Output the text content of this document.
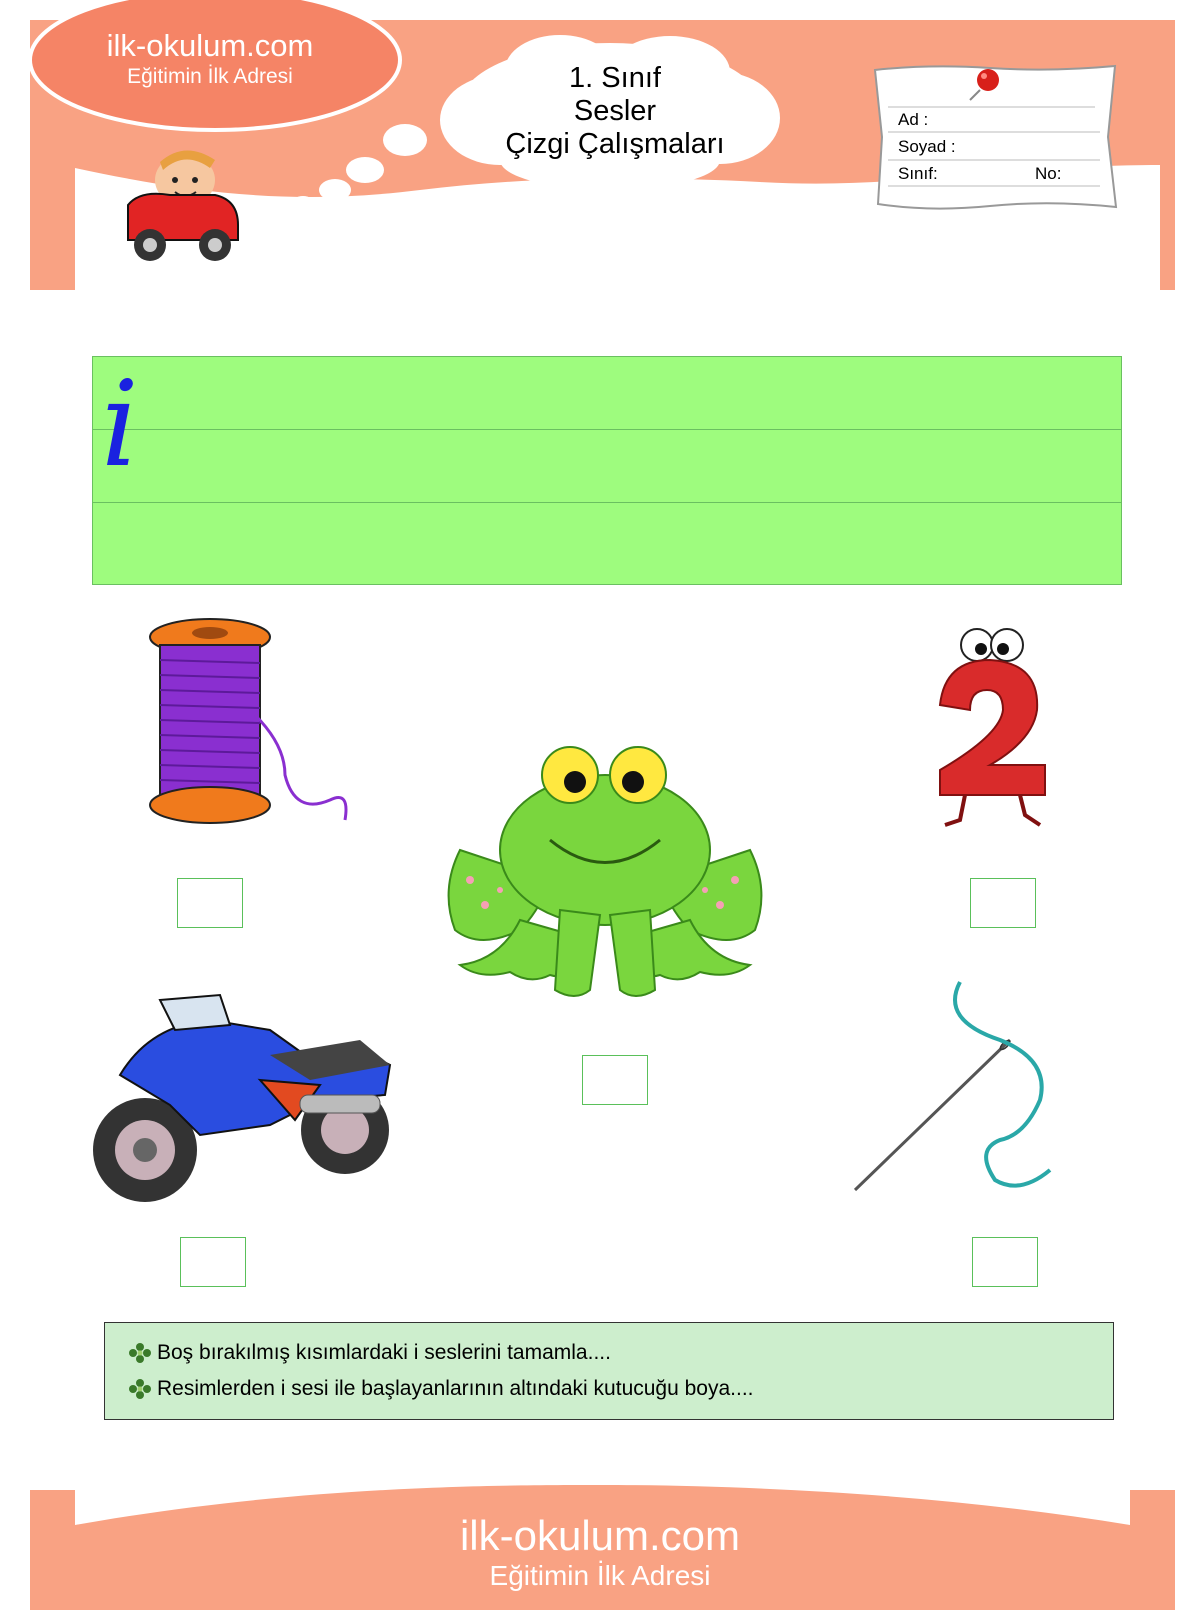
ilk-okulum.com
Eğitimin İlk Adresi	1. Sınıf
Sesler
Çizgi Çalışmaları
Ad :
Soyad :
Sınıf:	No:
i
Boş bırakılmış kısımlardaki i seslerini tamamla....
Resimlerden i sesi ile başlayanlarının altındaki kutucuğu boya....
ilk-okulum.com
Eğitimin İlk Adresi
